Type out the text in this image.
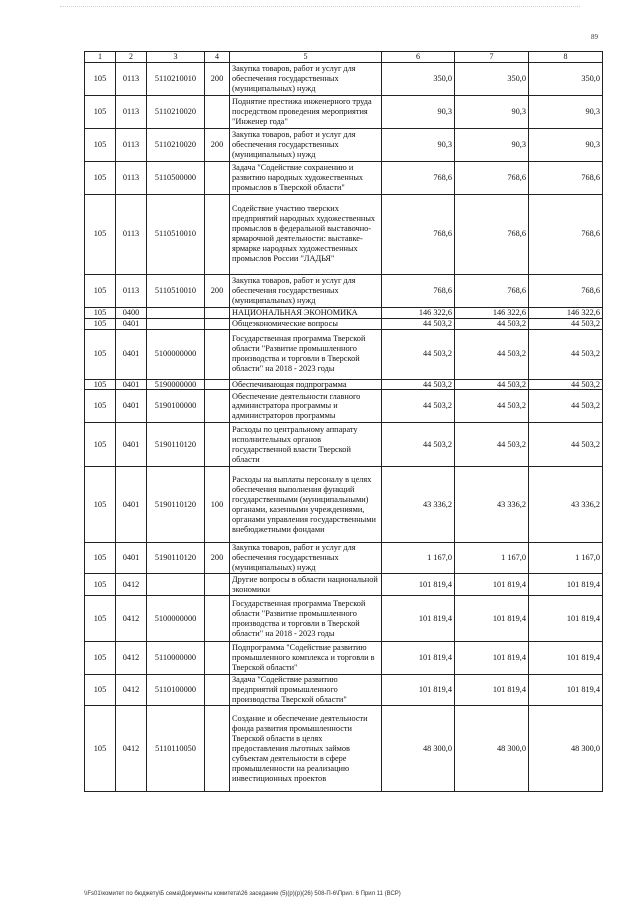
89
1	2	3	4	5	6	7	8
105	0113	5110210010	200	Закупка товаров, работ и услуг для обеспечения государственных (муниципальных) нужд	350,0	350,0	350,0
105	0113	5110210020		Поднятие престижа инженерного труда посредством проведения мероприятия "Инженер года"	90,3	90,3	90,3
105	0113	5110210020	200	Закупка товаров, работ и услуг для обеспечения государственных (муниципальных) нужд	90,3	90,3	90,3
105	0113	5110500000		Задача "Содействие сохранению и развитию народных художественных промыслов в Тверской области"	768,6	768,6	768,6
105	0113	5110510010		Содействие участию тверских предприятий народных художественных промыслов в федеральной выставочно-ярмарочной деятельности: выставке-ярмарке народных художественных промыслов России "ЛАДЬЯ"	768,6	768,6	768,6
105	0113	5110510010	200	Закупка товаров, работ и услуг для обеспечения государственных (муниципальных) нужд	768,6	768,6	768,6
105	0400			НАЦИОНАЛЬНАЯ ЭКОНОМИКА	146 322,6	146 322,6	146 322,6
105	0401			Общеэкономические вопросы	44 503,2	44 503,2	44 503,2
105	0401	5100000000		Государственная программа Тверской области "Развитие промышленного производства и торговли в Тверской области" на 2018 - 2023 годы	44 503,2	44 503,2	44 503,2
105	0401	5190000000		Обеспечивающая подпрограмма	44 503,2	44 503,2	44 503,2
105	0401	5190100000		Обеспечение деятельности главного администратора программы и администраторов программы	44 503,2	44 503,2	44 503,2
105	0401	5190110120		Расходы по центральному аппарату исполнительных органов государственной власти Тверской области	44 503,2	44 503,2	44 503,2
105	0401	5190110120	100	Расходы на выплаты персоналу в целях обеспечения выполнения функций государственными (муниципальными) органами, казенными учреждениями, органами управления государственными внебюджетными фондами	43 336,2	43 336,2	43 336,2
105	0401	5190110120	200	Закупка товаров, работ и услуг для обеспечения государственных (муниципальных) нужд	1 167,0	1 167,0	1 167,0
105	0412			Другие вопросы в области национальной экономики	101 819,4	101 819,4	101 819,4
105	0412	5100000000		Государственная программа Тверской области "Развитие промышленного производства и торговли в Тверской области" на 2018 - 2023 годы	101 819,4	101 819,4	101 819,4
105	0412	5110000000		Подпрограмма "Содействие развитию промышленного комплекса и торговли в Тверской области"	101 819,4	101 819,4	101 819,4
105	0412	5110100000		Задача "Содействие развитию предприятий промышленного производства Тверской области"	101 819,4	101 819,4	101 819,4
105	0412	5110110050		Создание и обеспечение деятельности фонда развития промышленности Тверской области в целях предоставления льготных займов субъектам деятельности в сфере промышленности на реализацию инвестиционных проектов	48 300,0	48 300,0	48 300,0
\\Fs01\комитет по бюджету\Б сема\Документы комитета\26 заседание (5)(р)(р)(26) 508-П-6\Прил. 6 Прил 11 (ВСР)
